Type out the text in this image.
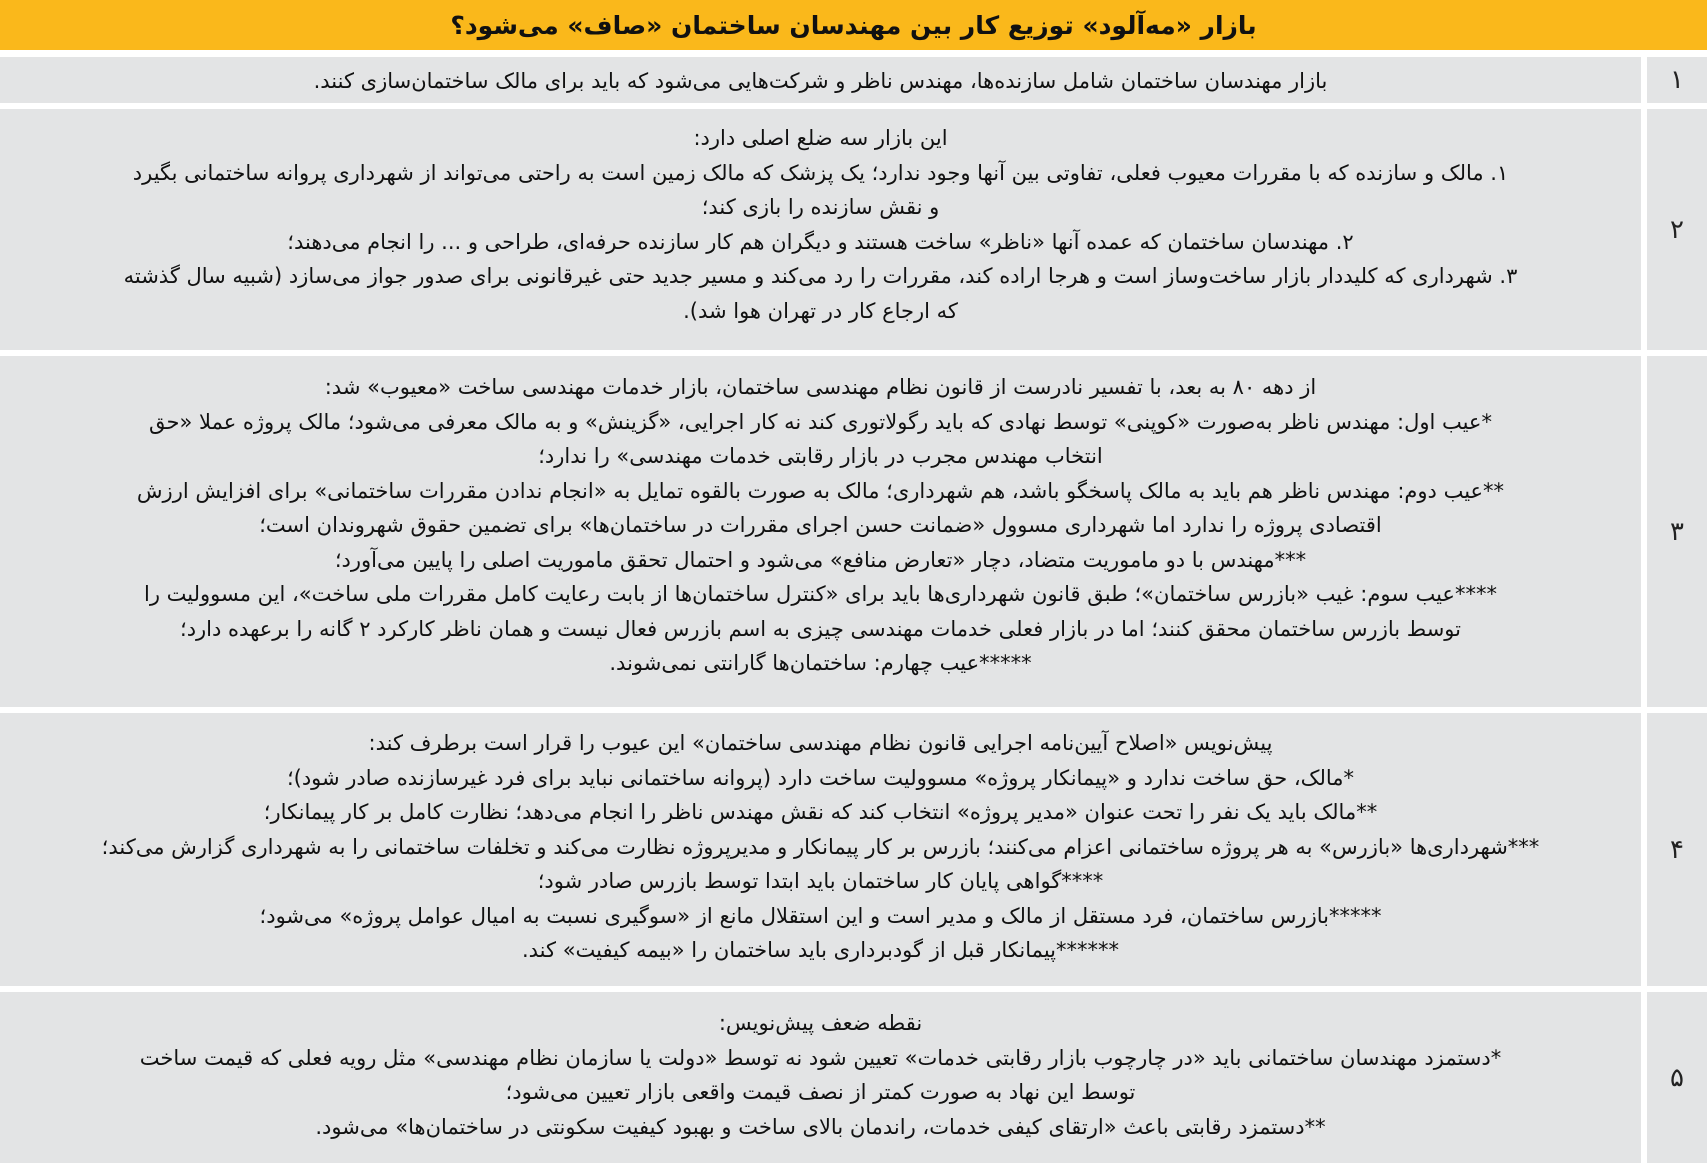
بازار «مه‌آلود» توزیع کار بین مهندسان ساختمان «صاف» می‌شود؟
۱
بازار مهندسان ساختمان شامل سازنده‌ها، مهندس ناظر و شرکت‌هایی می‌شود که باید برای مالک ساختمان‌سازی کنند.
۲
این بازار سه ضلع اصلی دارد:
۱. مالک و سازنده که با مقررات معیوب فعلی، تفاوتی بین آنها وجود ندارد؛ یک پزشک که مالک زمین است به راحتی می‌تواند از شهرداری پروانه ساختمانی بگیرد
و نقش سازنده را بازی کند؛
۲. مهندسان ساختمان که عمده آنها «ناظر» ساخت هستند و دیگران هم کار سازنده حرفه‌ای، طراحی و ... را انجام می‌دهند؛
۳. شهرداری که کلیددار بازار ساخت‌وساز است و هرجا اراده کند، مقررات را رد می‌کند و مسیر جدید حتی غیرقانونی برای صدور جواز می‌سازد (شبیه سال گذشته
که ارجاع کار در تهران هوا شد).
۳
از دهه ۸۰ به بعد، با تفسیر نادرست از قانون نظام مهندسی ساختمان، بازار خدمات مهندسی ساخت «معیوب» شد:
*عیب اول: مهندس ناظر به‌صورت «کوپنی» توسط نهادی که باید رگولاتوری کند نه کار اجرایی، «گزینش» و به مالک معرفی می‌شود؛ مالک پروژه عملا «حق
انتخاب مهندس مجرب در بازار رقابتی خدمات مهندسی» را ندارد؛
**عیب دوم: مهندس ناظر هم باید به مالک پاسخگو باشد، هم شهرداری؛ مالک به صورت بالقوه تمایل به «انجام ندادن مقررات ساختمانی» برای افزایش ارزش
اقتصادی پروژه را ندارد اما شهرداری مسوول «ضمانت حسن اجرای مقررات در ساختمان‌ها» برای تضمین حقوق شهروندان است؛
***مهندس با دو ماموریت متضاد، دچار «تعارض منافع» می‌شود و احتمال تحقق ماموریت اصلی را پایین می‌آورد؛
****عیب سوم: غیب «بازرس ساختمان»؛ طبق قانون شهرداری‌ها باید برای «کنترل ساختمان‌ها از بابت رعایت کامل مقررات ملی ساخت»، این مسوولیت را
توسط بازرس ساختمان محقق کنند؛ اما در بازار فعلی خدمات مهندسی چیزی به اسم بازرس فعال نیست و همان ناظر کارکرد ۲ گانه را برعهده دارد؛
*****عیب چهارم: ساختمان‌ها گارانتی نمی‌شوند.
۴
پیش‌نویس «اصلاح آیین‌نامه اجرایی قانون نظام مهندسی ساختمان» این عیوب را قرار است برطرف کند:
*مالک، حق ساخت ندارد و «پیمانکار پروژه» مسوولیت ساخت دارد (پروانه ساختمانی نباید برای فرد غیرسازنده صادر شود)؛
**مالک باید یک نفر را تحت عنوان «مدیر پروژه» انتخاب کند که نقش مهندس ناظر را انجام می‌دهد؛ نظارت کامل بر کار پیمانکار؛
***شهرداری‌ها «بازرس» به هر پروژه ساختمانی اعزام می‌کنند؛ بازرس بر کار پیمانکار و مدیرپروژه نظارت می‌کند و تخلفات ساختمانی را به شهرداری گزارش می‌کند؛
****گواهی پایان کار ساختمان باید ابتدا توسط بازرس صادر شود؛
*****بازرس ساختمان، فرد مستقل از مالک و مدیر است و این استقلال مانع از «سوگیری نسبت به امیال عوامل پروژه» می‌شود؛
******پیمانکار قبل از گودبرداری باید ساختمان را «بیمه کیفیت» کند.
۵
نقطه ضعف پیش‌نویس:
*دستمزد مهندسان ساختمانی باید «در چارچوب بازار رقابتی خدمات» تعیین شود نه توسط «دولت یا سازمان نظام مهندسی» مثل رویه فعلی که قیمت ساخت
توسط این نهاد به صورت کمتر از نصف قیمت واقعی بازار تعیین می‌شود؛
**دستمزد رقابتی باعث «ارتقای کیفی خدمات، راندمان بالای ساخت و بهبود کیفیت سکونتی در ساختمان‌ها» می‌شود.
